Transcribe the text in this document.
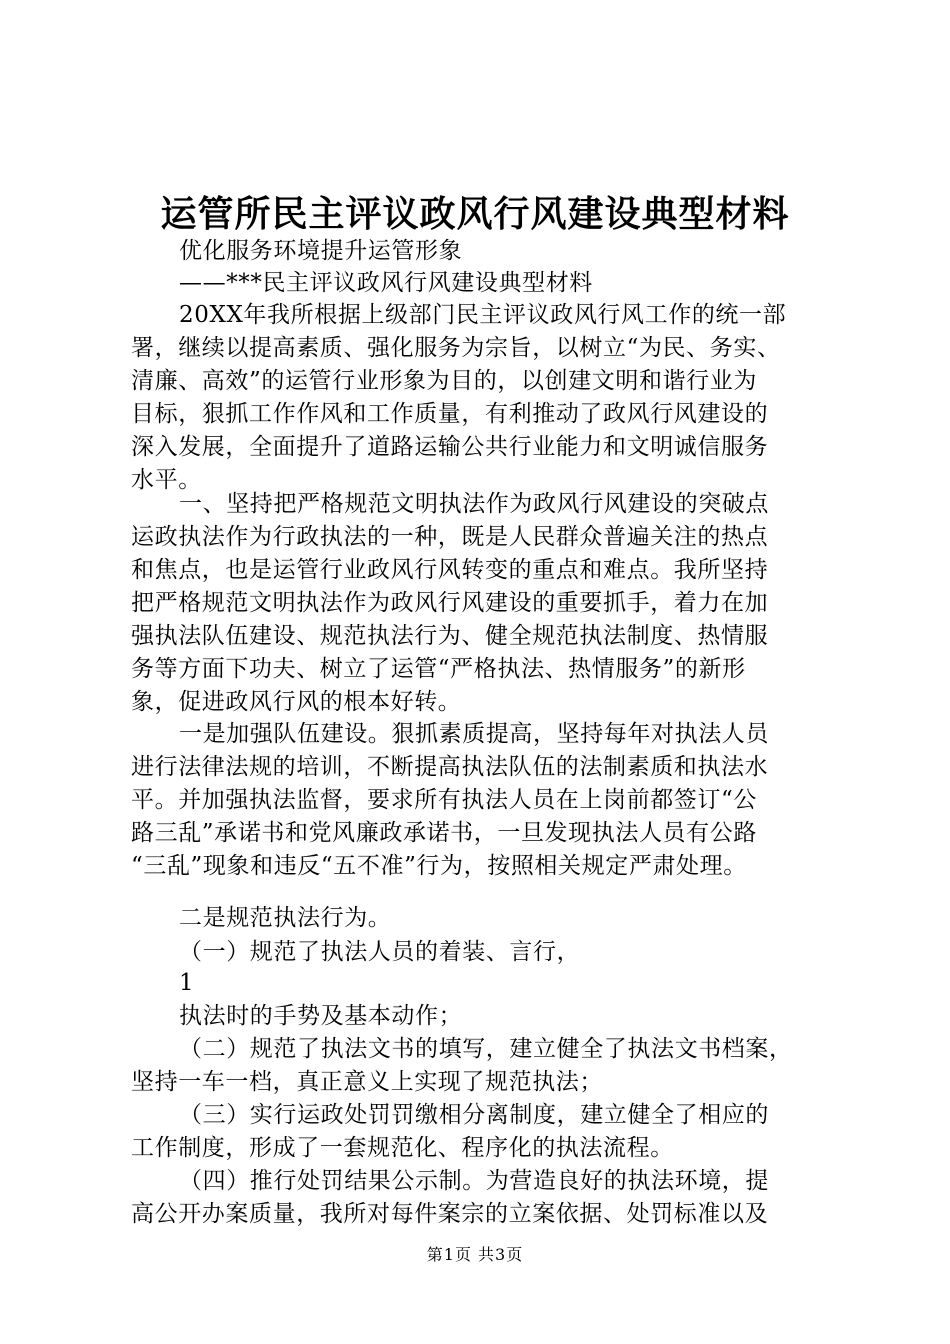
运管所民主评议政风行风建设典型材料
优化服务环境提升运管形象
——***民主评议政风行风建设典型材料
20XX年我所根据上级部门民主评议政风行风工作的统一部
署，继续以提高素质、强化服务为宗旨，以树立“为民、务实、
清廉、高效”的运管行业形象为目的，以创建文明和谐行业为
目标，狠抓工作作风和工作质量，有利推动了政风行风建设的
深入发展，全面提升了道路运输公共行业能力和文明诚信服务
水平。
一、坚持把严格规范文明执法作为政风行风建设的突破点
运政执法作为行政执法的一种，既是人民群众普遍关注的热点
和焦点，也是运管行业政风行风转变的重点和难点。我所坚持
把严格规范文明执法作为政风行风建设的重要抓手，着力在加
强执法队伍建设、规范执法行为、健全规范执法制度、热情服
务等方面下功夫、树立了运管“严格执法、热情服务”的新形
象，促进政风行风的根本好转。
一是加强队伍建设。狠抓素质提高，坚持每年对执法人员
进行法律法规的培训，不断提高执法队伍的法制素质和执法水
平。并加强执法监督，要求所有执法人员在上岗前都签订“公
路三乱”承诺书和党风廉政承诺书，一旦发现执法人员有公路
“三乱”现象和违反“五不准”行为，按照相关规定严肃处理。
二是规范执法行为。
（一）规范了执法人员的着装、言行，
1
执法时的手势及基本动作；
（二）规范了执法文书的填写，建立健全了执法文书档案，
坚持一车一档，真正意义上实现了规范执法；
（三）实行运政处罚罚缴相分离制度，建立健全了相应的
工作制度，形成了一套规范化、程序化的执法流程。
（四）推行处罚结果公示制。为营造良好的执法环境，提
高公开办案质量，我所对每件案宗的立案依据、处罚标准以及
第1页 共3页
